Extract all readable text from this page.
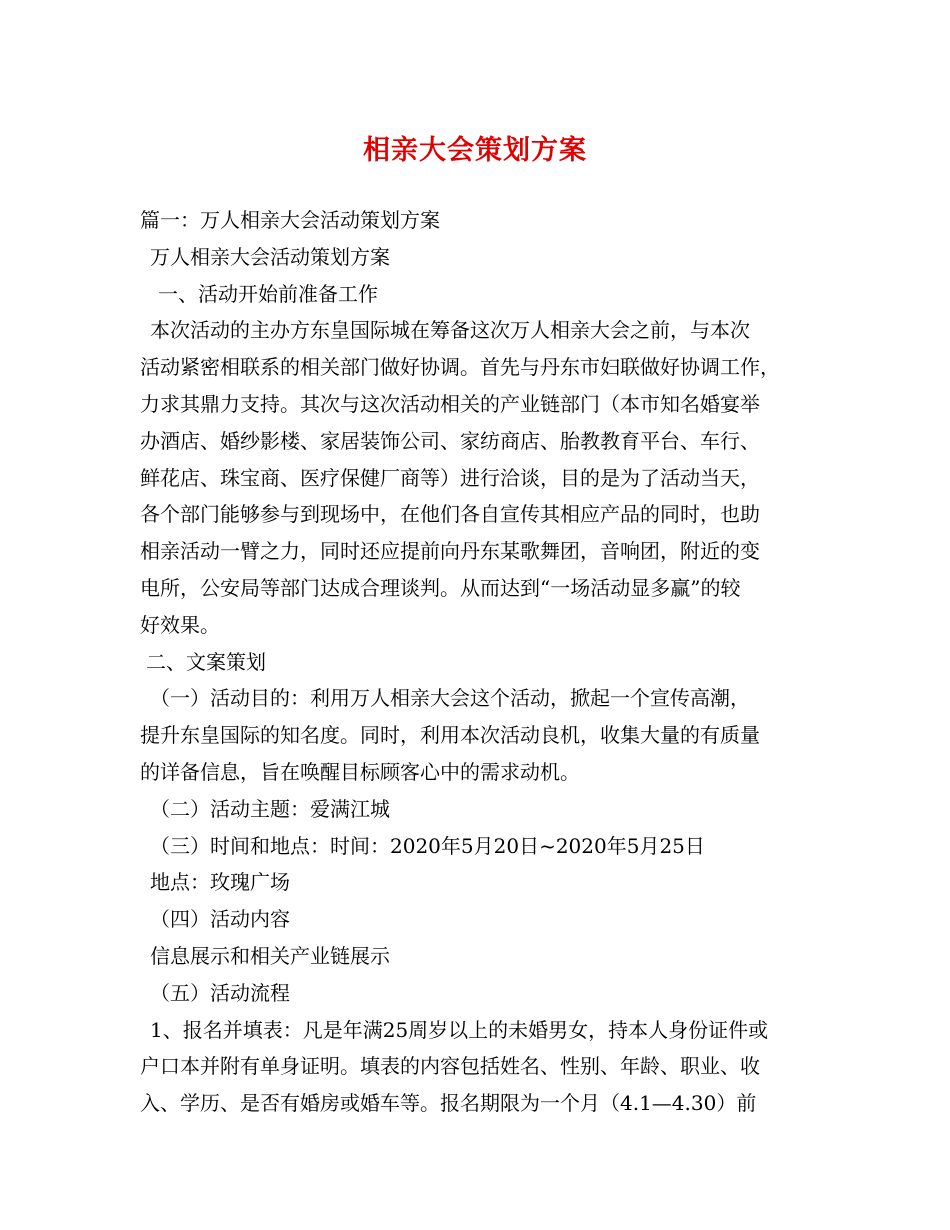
相亲大会策划方案
篇一：万人相亲大会活动策划方案
万人相亲大会活动策划方案
一、活动开始前准备工作
本次活动的主办方东皇国际城在筹备这次万人相亲大会之前，与本次
活动紧密相联系的相关部门做好协调。首先与丹东市妇联做好协调工作，
力求其鼎力支持。其次与这次活动相关的产业链部门（本市知名婚宴举
办酒店、婚纱影楼、家居装饰公司、家纺商店、胎教教育平台、车行、
鲜花店、珠宝商、医疗保健厂商等）进行洽谈，目的是为了活动当天，
各个部门能够参与到现场中，在他们各自宣传其相应产品的同时，也助
相亲活动一臂之力，同时还应提前向丹东某歌舞团，音响团，附近的变
电所，公安局等部门达成合理谈判。从而达到“一场活动显多赢”的较
好效果。
二、文案策划
（一）活动目的：利用万人相亲大会这个活动，掀起一个宣传高潮，
提升东皇国际的知名度。同时，利用本次活动良机，收集大量的有质量
的详备信息，旨在唤醒目标顾客心中的需求动机。
（二）活动主题：爱满江城
（三）时间和地点：时间：2020年5月20日~2020年5月25日
地点：玫瑰广场
（四）活动内容
信息展示和相关产业链展示
（五）活动流程
1、报名并填表：凡是年满25周岁以上的未婚男女，持本人身份证件或
户口本并附有单身证明。填表的内容包括姓名、性别、年龄、职业、收
入、学历、是否有婚房或婚车等。报名期限为一个月（4.1—4.30）前
